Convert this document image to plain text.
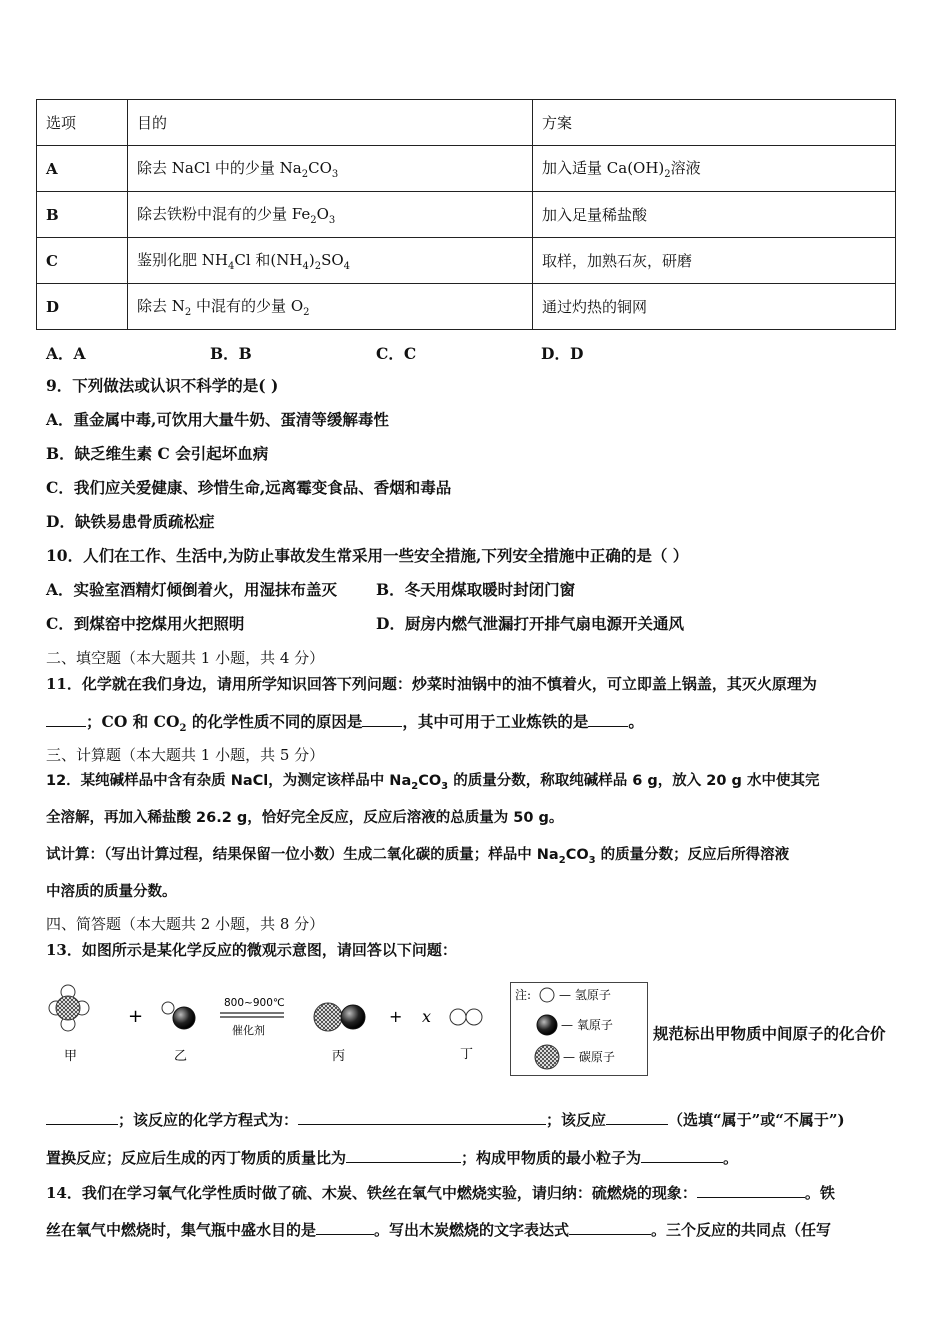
选项	目的	方案
A	除去 NaCl 中的少量 $Na_2CO_3$	加入适量 $Ca(OH)_2$溶液
B	除去铁粉中混有的少量 $Fe_2O_3$	加入足量稀盐酸
C	鉴别化肥 $NH_4Cl$ 和$(NH_4)_2SO_4$	取样，加熟石灰，研磨
D	除去 $N_2$ 中混有的少量 $O_2$	通过灼热的铜网
A．A	B．B	C．C	D．D
9．下列做法或认识不科学的是( )
A．重金属中毒,可饮用大量牛奶、蛋清等缓解毒性
B．缺乏维生素 C 会引起坏血病
C．我们应关爱健康、珍惜生命,远离霉变食品、香烟和毒品
D．缺铁易患骨质疏松症
10．人们在工作、生活中,为防止事故发生常采用一些安全措施,下列安全措施中正确的是（ ）
A．实验室酒精灯倾倒着火，用湿抹布盖灭	B．冬天用煤取暖时封闭门窗
C．到煤窑中挖煤用火把照明	D．厨房内燃气泄漏打开排气扇电源开关通风
二、填空题（本大题共 1 小题，共 4 分）
11．化学就在我们身边，请用所学知识回答下列问题：炒菜时油锅中的油不慎着火，可立即盖上锅盖，其灭火原理为
；CO 和 $CO_2$ 的化学性质不同的原因是	，其中可用于工业炼铁的是	。
三、计算题（本大题共 1 小题，共 5 分）
12．某纯碱样品中含有杂质 NaCl，为测定该样品中 $Na_2CO_3$ 的质量分数，称取纯碱样品 6 g，放入 20 g 水中使其完
全溶解，再加入稀盐酸 26.2 g，恰好完全反应，反应后溶液的总质量为 50 g。
试计算：（写出计算过程，结果保留一位小数）生成二氧化碳的质量；样品中 $Na_2CO_3$ 的质量分数；反应后所得溶液
中溶质的质量分数。
四、简答题（本大题共 2 小题，共 8 分）
13．如图所示是某化学反应的微观示意图，请回答以下问题：
甲
+
乙
800~900℃
催化剂
丙
+ x
丁
注: — 氢原子
— 氧原子
— 碳原子
规范标出甲物质中间原子的化合价
；该反应的化学方程式为：	；该反应	（选填“属于”或“不属于”)
置换反应；反应后生成的丙丁物质的质量比为	；构成甲物质的最小粒子为	。
14．我们在学习氧气化学性质时做了硫、木炭、铁丝在氧气中燃烧实验，请归纳：硫燃烧的现象：	。铁
丝在氧气中燃烧时，集气瓶中盛水目的是	。写出木炭燃烧的文字表达式	。三个反应的共同点（任写
